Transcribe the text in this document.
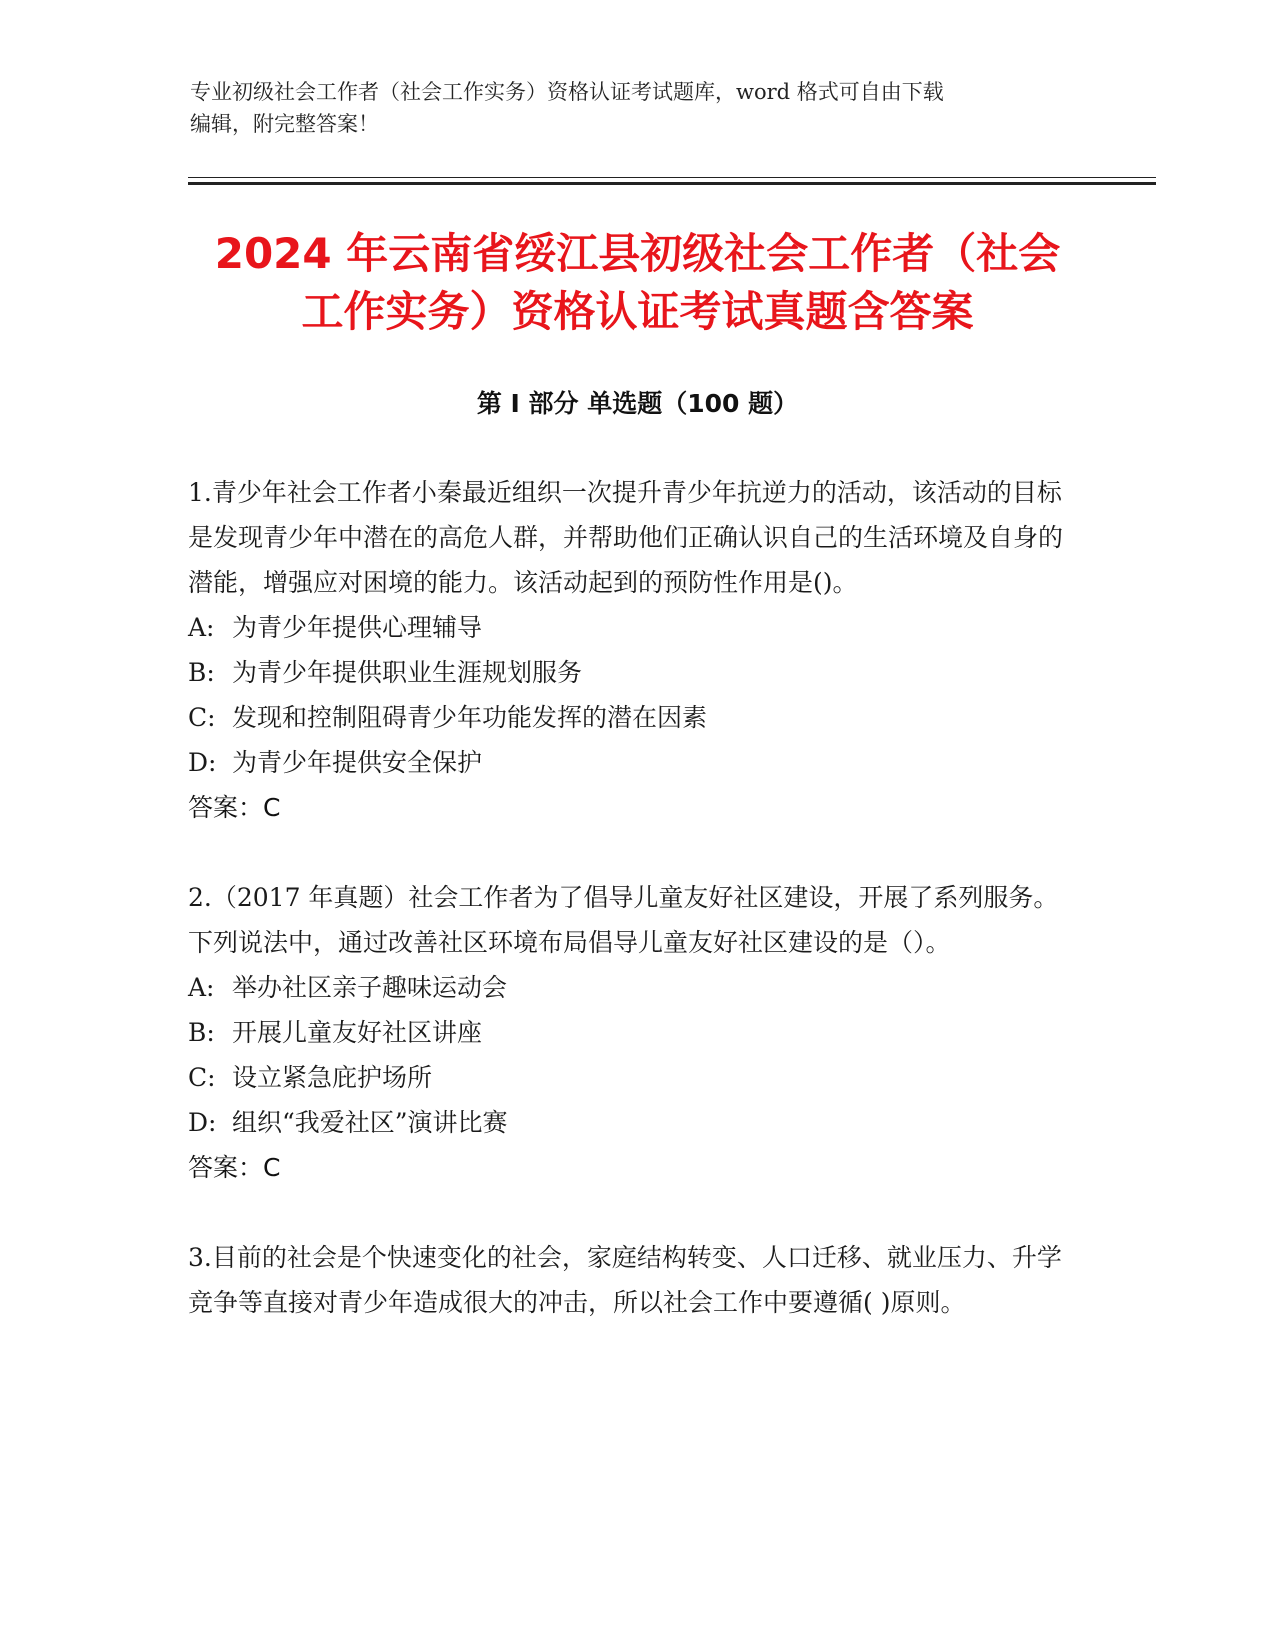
专业初级社会工作者（社会工作实务）资格认证考试题库，word 格式可自由下载
编辑，附完整答案！
2024 年云南省绥江县初级社会工作者（社会
工作实务）资格认证考试真题含答案
第 I 部分 单选题（100 题）

1.青少年社会工作者小秦最近组织一次提升青少年抗逆力的活动，该活动的目标是发现青少年中潜在的高危人群，并帮助他们正确认识自己的生活环境及自身的潜能，增强应对困境的能力。该活动起到的预防性作用是()。

A: 为青少年提供心理辅导

B: 为青少年提供职业生涯规划服务

C: 发现和控制阻碍青少年功能发挥的潜在因素

D: 为青少年提供安全保护

答案：C

2.（2017 年真题）社会工作者为了倡导儿童友好社区建设，开展了系列服务。下列说法中，通过改善社区环境布局倡导儿童友好社区建设的是（）。

A: 举办社区亲子趣味运动会

B: 开展儿童友好社区讲座

C: 设立紧急庇护场所

D: 组织“我爱社区”演讲比赛

答案：C

3.目前的社会是个快速变化的社会，家庭结构转变、人口迁移、就业压力、升学竞争等直接对青少年造成很大的冲击，所以社会工作中要遵循( )原则。
